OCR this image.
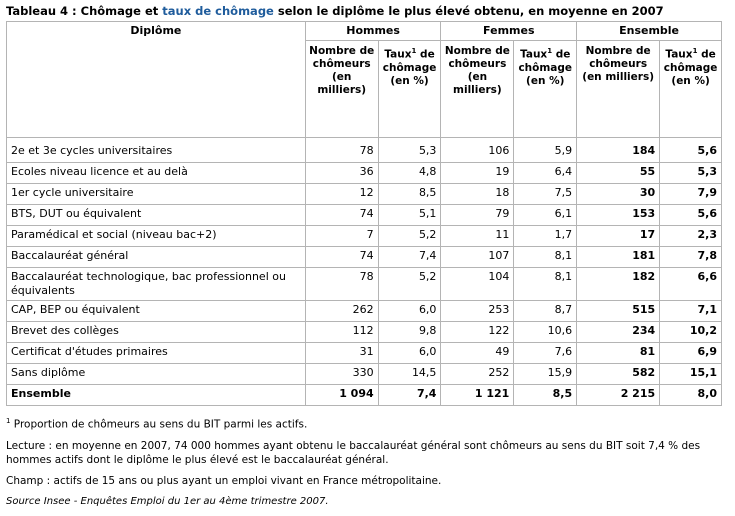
Tableau 4 : Chômage et taux de chômage selon le diplôme le plus élevé obtenu, en moyenne en 2007
Diplôme	Hommes		Femmes		Ensemble	
	Nombre de chômeurs (en milliers)	Taux$^1$ de chômage (en %)	Nombre de chômeurs (en milliers)	Taux$^1$ de chômage (en %)	Nombre de chômeurs (en milliers)	Taux$^1$ de chômage (en %)
2e et 3e cycles universitaires	78	5,3	106	5,9	184	5,6
Ecoles niveau licence et au delà	36	4,8	19	6,4	55	5,3
1er cycle universitaire	12	8,5	18	7,5	30	7,9
BTS, DUT ou équivalent	74	5,1	79	6,1	153	5,6
Paramédical et social (niveau bac+2)	7	5,2	11	1,7	17	2,3
Baccalauréat général	74	7,4	107	8,1	181	7,8
Baccalauréat technologique, bac professionnel ou équivalents	78	5,2	104	8,1	182	6,6
CAP, BEP ou équivalent	262	6,0	253	8,7	515	7,1
Brevet des collèges	112	9,8	122	10,6	234	10,2
Certificat d'études primaires	31	6,0	49	7,6	81	6,9
Sans diplôme	330	14,5	252	15,9	582	15,1
Ensemble	1 094	7,4	1 121	8,5	2 215	8,0

$^1$ Proportion de chômeurs au sens du BIT parmi les actifs.

Lecture : en moyenne en 2007, 74 000 hommes ayant obtenu le baccalauréat général sont chômeurs au sens du BIT soit 7,4 % des hommes actifs dont le diplôme le plus élevé est le baccalauréat général.

Champ : actifs de 15 ans ou plus ayant un emploi vivant en France métropolitaine.

Source Insee - Enquêtes Emploi du 1er au 4ème trimestre 2007.
